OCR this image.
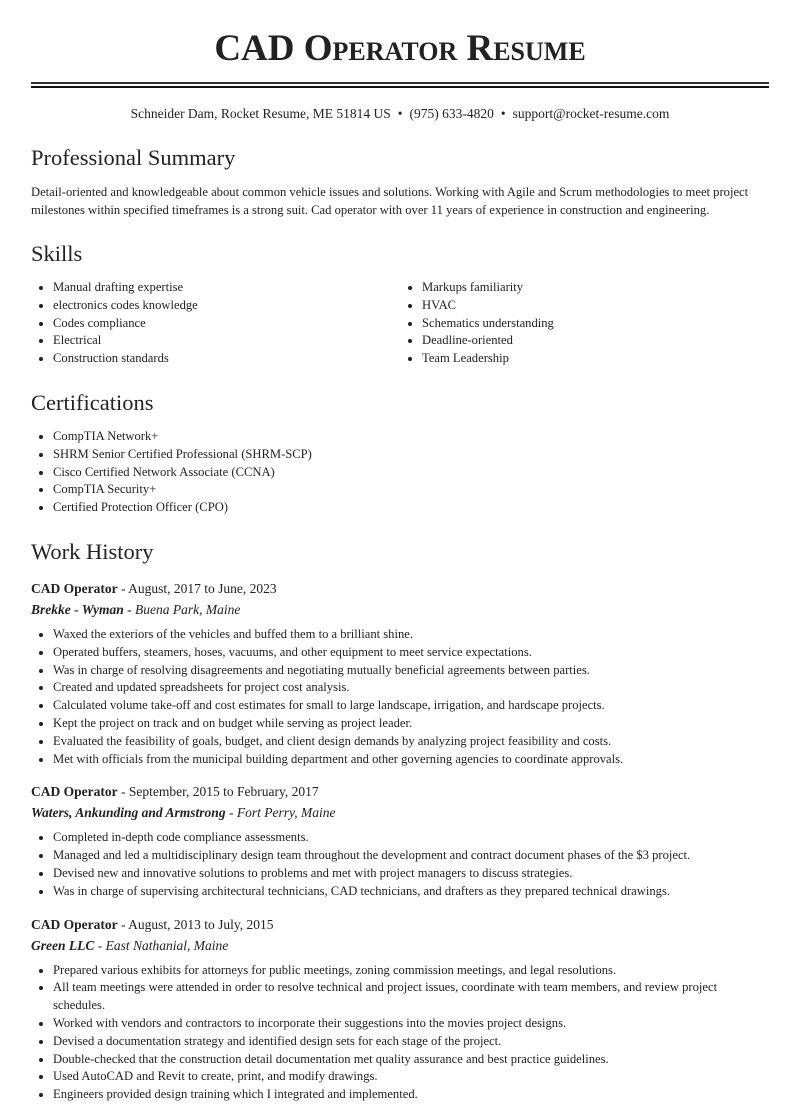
CAD Operator Resume
Schneider Dam, Rocket Resume, ME 51814 US • (975) 633-4820 • support@rocket-resume.com
Professional Summary

Detail-oriented and knowledgeable about common vehicle issues and solutions. Working with Agile and Scrum methodologies to meet project milestones within specified timeframes is a strong suit. Cad operator with over 11 years of experience in construction and engineering.

Skills
• Manual drafting expertise
• electronics codes knowledge
• Codes compliance
• Electrical
• Construction standards
• Markups familiarity
• HVAC
• Schematics understanding
• Deadline-oriented
• Team Leadership
Certifications
• CompTIA Network+
• SHRM Senior Certified Professional (SHRM-SCP)
• Cisco Certified Network Associate (CCNA)
• CompTIA Security+
• Certified Protection Officer (CPO)
Work History
CAD Operator - August, 2017 to June, 2023
Brekke - Wyman - Buena Park, Maine
• Waxed the exteriors of the vehicles and buffed them to a brilliant shine.
• Operated buffers, steamers, hoses, vacuums, and other equipment to meet service expectations.
• Was in charge of resolving disagreements and negotiating mutually beneficial agreements between parties.
• Created and updated spreadsheets for project cost analysis.
• Calculated volume take-off and cost estimates for small to large landscape, irrigation, and hardscape projects.
• Kept the project on track and on budget while serving as project leader.
• Evaluated the feasibility of goals, budget, and client design demands by analyzing project feasibility and costs.
• Met with officials from the municipal building department and other governing agencies to coordinate approvals.
CAD Operator - September, 2015 to February, 2017
Waters, Ankunding and Armstrong - Fort Perry, Maine
• Completed in-depth code compliance assessments.
• Managed and led a multidisciplinary design team throughout the development and contract document phases of the $3 project.
• Devised new and innovative solutions to problems and met with project managers to discuss strategies.
• Was in charge of supervising architectural technicians, CAD technicians, and drafters as they prepared technical drawings.
CAD Operator - August, 2013 to July, 2015
Green LLC - East Nathanial, Maine
• Prepared various exhibits for attorneys for public meetings, zoning commission meetings, and legal resolutions.
• All team meetings were attended in order to resolve technical and project issues, coordinate with team members, and review project schedules.
• Worked with vendors and contractors to incorporate their suggestions into the movies project designs.
• Devised a documentation strategy and identified design sets for each stage of the project.
• Double-checked that the construction detail documentation met quality assurance and best practice guidelines.
• Used AutoCAD and Revit to create, print, and modify drawings.
• Engineers provided design training which I integrated and implemented.
